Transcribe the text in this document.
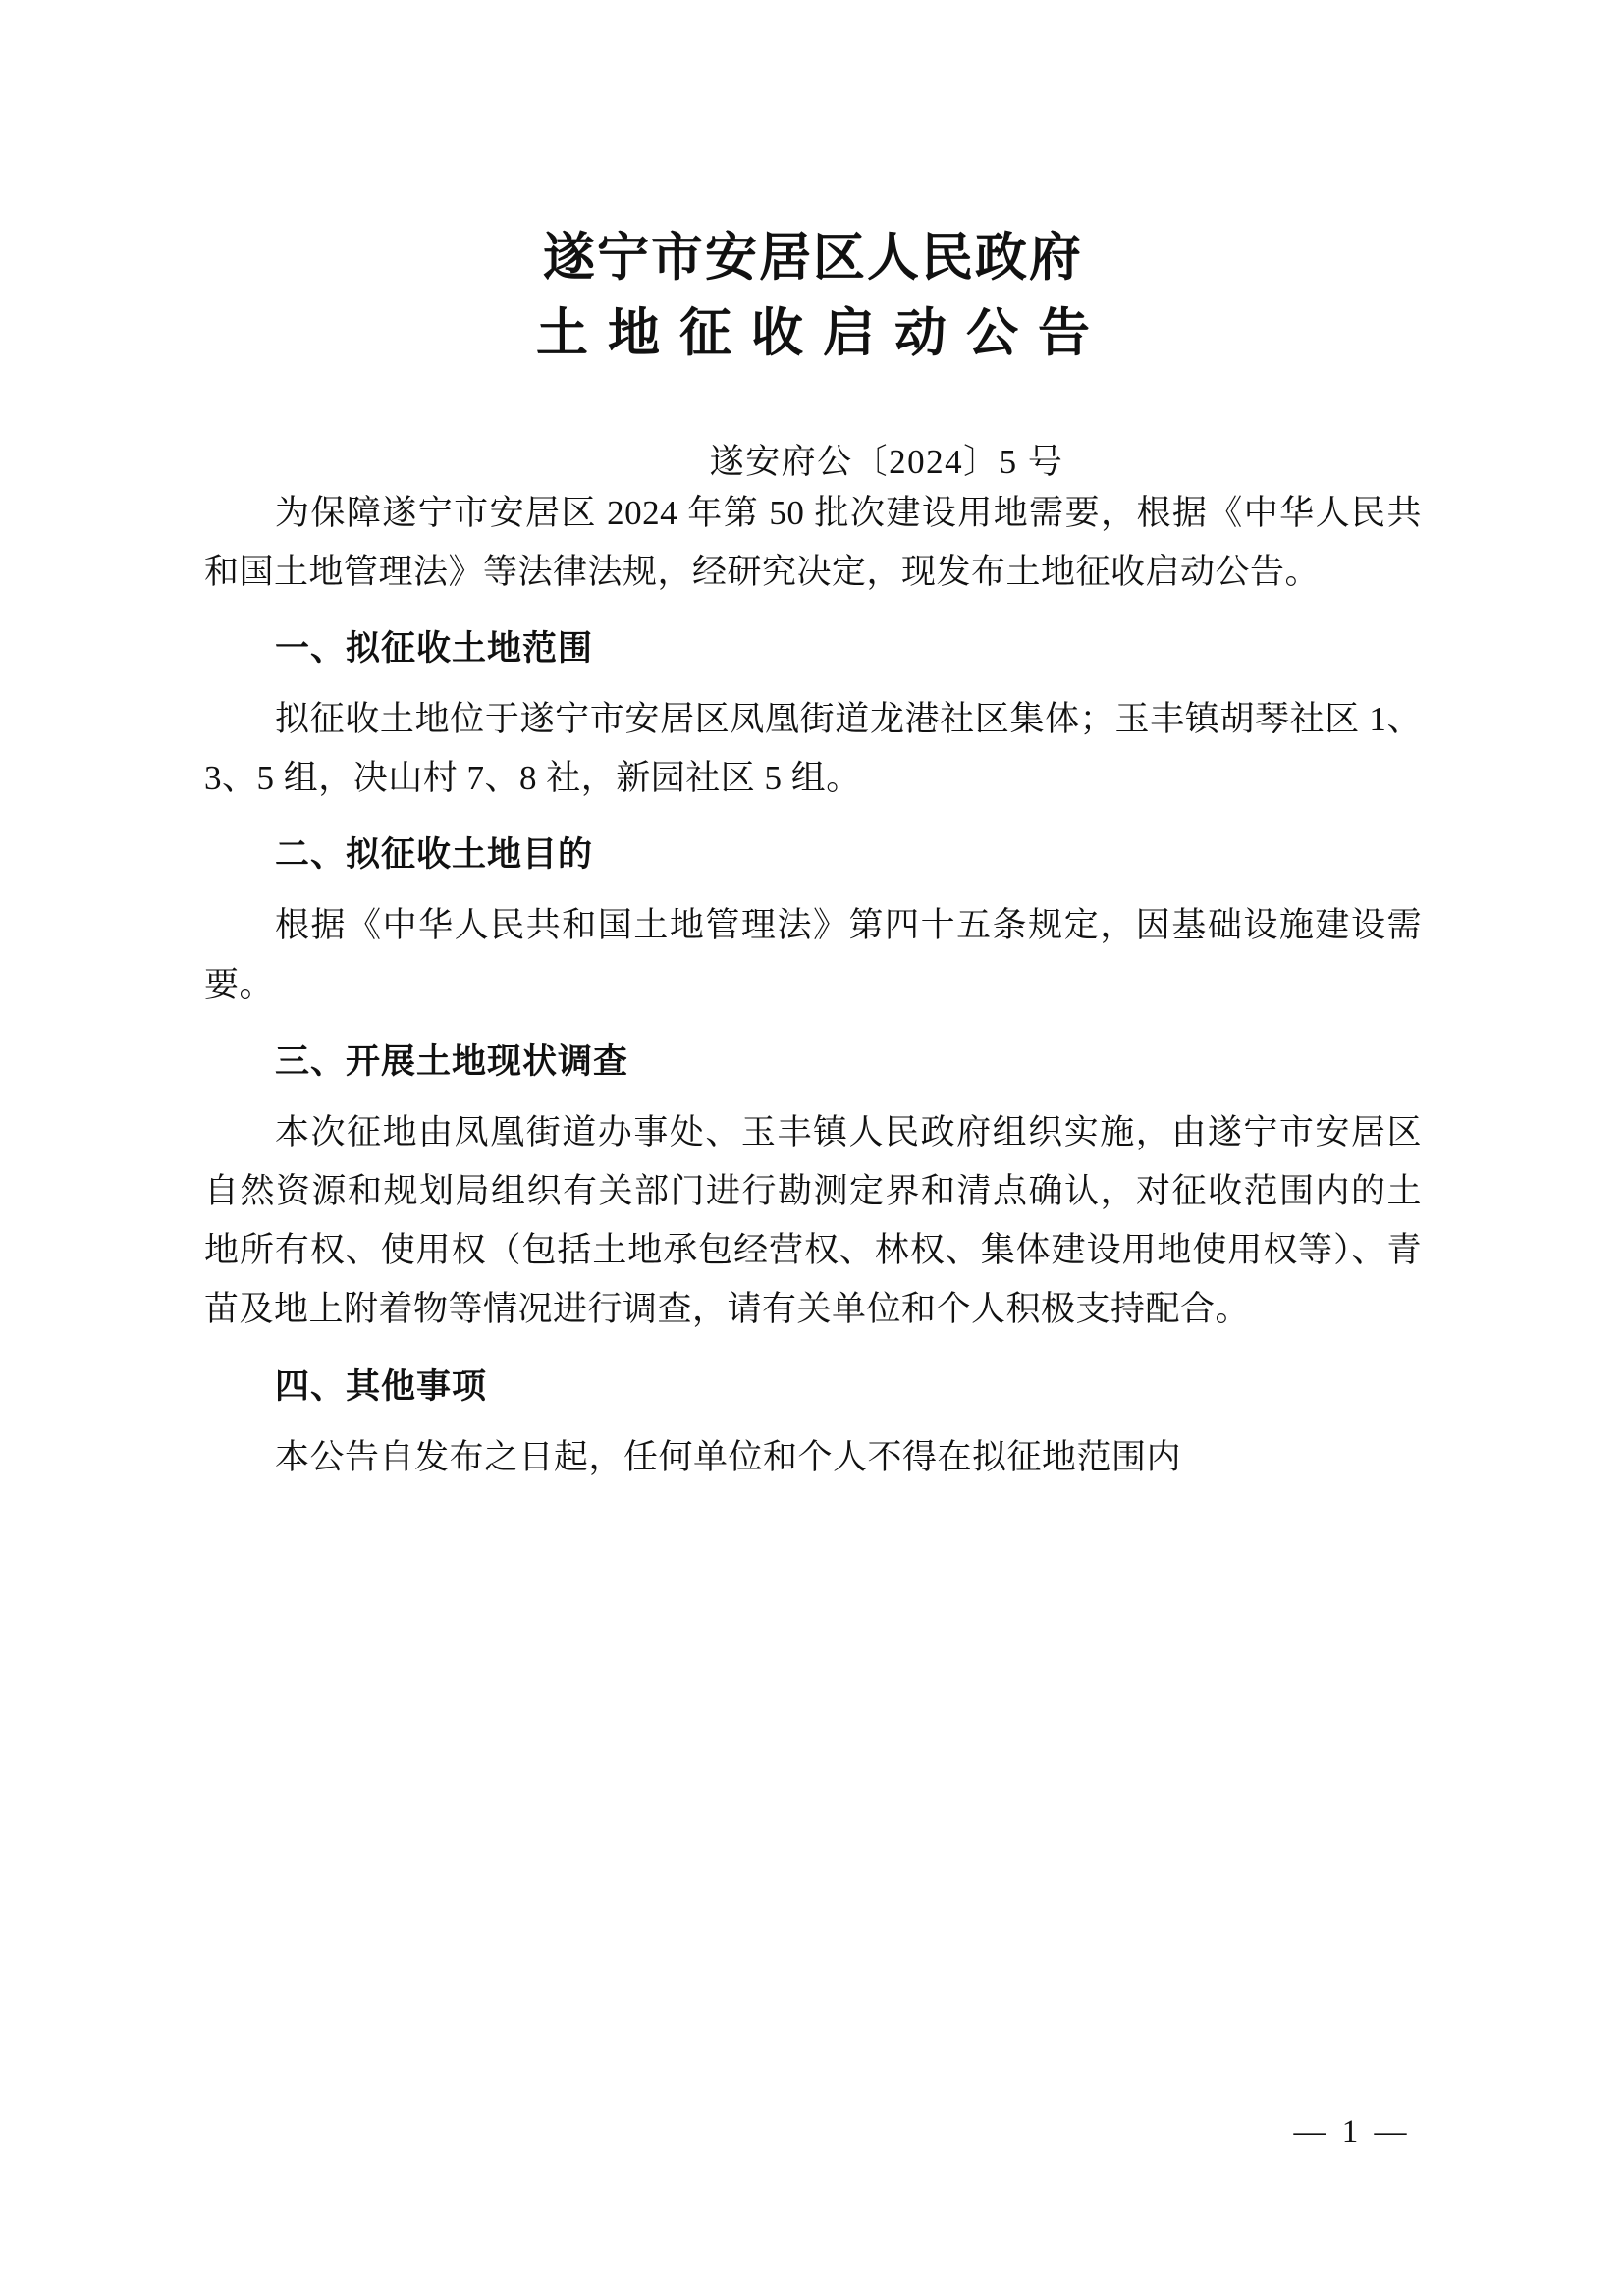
遂宁市安居区人民政府
土地征收启动公告
遂安府公〔2024〕5 号

为保障遂宁市安居区 2024 年第 50 批次建设用地需要，根据《中华人民共和国土地管理法》等法律法规，经研究决定，现发布土地征收启动公告。

一、拟征收土地范围

拟征收土地位于遂宁市安居区凤凰街道龙港社区集体；玉丰镇胡琴社区 1、3、5 组，决山村 7、8 社，新园社区 5 组。

二、拟征收土地目的

根据《中华人民共和国土地管理法》第四十五条规定，因基础设施建设需要。

三、开展土地现状调查

本次征地由凤凰街道办事处、玉丰镇人民政府组织实施，由遂宁市安居区自然资源和规划局组织有关部门进行勘测定界和清点确认，对征收范围内的土地所有权、使用权（包括土地承包经营权、林权、集体建设用地使用权等）、青苗及地上附着物等情况进行调查，请有关单位和个人积极支持配合。

四、其他事项

本公告自发布之日起，任何单位和个人不得在拟征地范围内

— 1 —
